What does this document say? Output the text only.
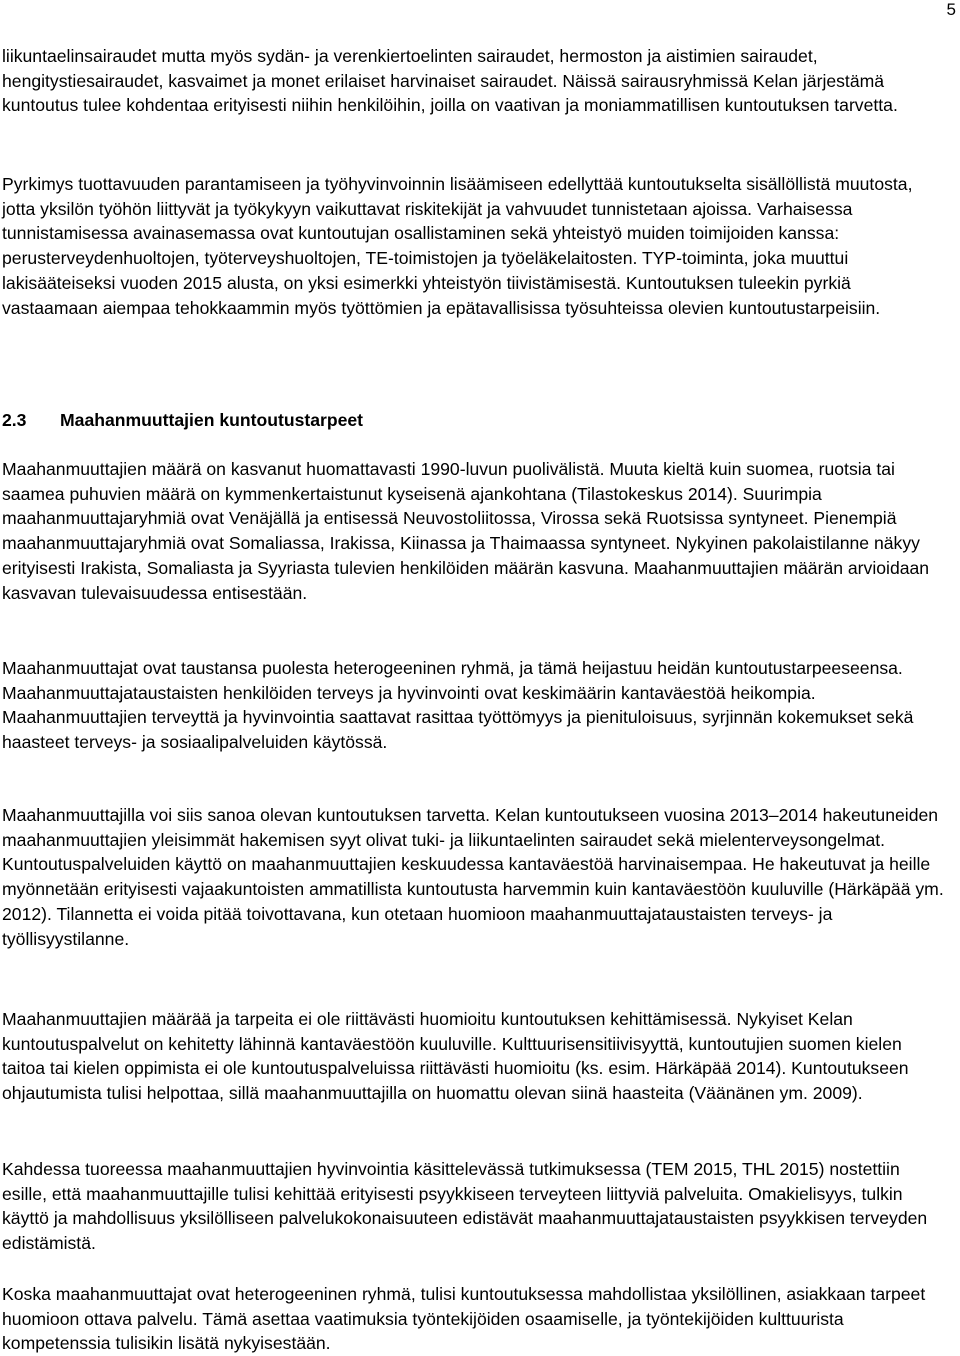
5

liikuntaelinsairaudet mutta myös sydän- ja verenkiertoelinten sairaudet, hermoston ja aistimien sairaudet, hengitystiesairaudet, kasvaimet ja monet erilaiset harvinaiset sairaudet. Näissä sairausryhmissä Kelan järjestämä kuntoutus tulee kohdentaa erityisesti niihin henkilöihin, joilla on vaativan ja moniammatillisen kuntoutuksen tarvetta.

Pyrkimys tuottavuuden parantamiseen ja työhyvinvoinnin lisäämiseen edellyttää kuntoutukselta sisällöllistä muutosta, jotta yksilön työhön liittyvät ja työkykyyn vaikuttavat riskitekijät ja vahvuudet tunnistetaan ajoissa. Varhaisessa tunnistamisessa avainasemassa ovat kuntoutujan osallistaminen sekä yhteistyö muiden toimijoiden kanssa: perusterveydenhuoltojen, työterveyshuoltojen, TE-toimistojen ja työeläkelaitosten. TYP-toiminta, joka muuttui lakisääteiseksi vuoden 2015 alusta, on yksi esimerkki yhteistyön tiivistämisestä. Kuntoutuksen tuleekin pyrkiä vastaamaan aiempaa tehokkaammin myös työttömien ja epätavallisissa työsuhteissa olevien kuntoutustarpeisiin.

2.3 Maahanmuuttajien kuntoutustarpeet

Maahanmuuttajien määrä on kasvanut huomattavasti 1990-luvun puolivälistä. Muuta kieltä kuin suomea, ruotsia tai saamea puhuvien määrä on kymmenkertaistunut kyseisenä ajankohtana (Tilastokeskus 2014). Suurimpia maahanmuuttajaryhmiä ovat Venäjällä ja entisessä Neuvostoliitossa, Virossa sekä Ruotsissa syntyneet. Pienempiä maahanmuuttajaryhmiä ovat Somaliassa, Irakissa, Kiinassa ja Thaimaassa syntyneet. Nykyinen pakolaistilanne näkyy erityisesti Irakista, Somaliasta ja Syyriasta tulevien henkilöiden määrän kasvuna. Maahanmuuttajien määrän arvioidaan kasvavan tulevaisuudessa entisestään.

Maahanmuuttajat ovat taustansa puolesta heterogeeninen ryhmä, ja tämä heijastuu heidän kuntoutustarpeeseensa. Maahanmuuttajataustaisten henkilöiden terveys ja hyvinvointi ovat keskimäärin kantaväestöä heikompia. Maahanmuuttajien terveyttä ja hyvinvointia saattavat rasittaa työttömyys ja pienituloisuus, syrjinnän kokemukset sekä haasteet terveys- ja sosiaalipalveluiden käytössä.

Maahanmuuttajilla voi siis sanoa olevan kuntoutuksen tarvetta. Kelan kuntoutukseen vuosina 2013–2014 hakeutuneiden maahanmuuttajien yleisimmät hakemisen syyt olivat tuki- ja liikuntaelinten sairaudet sekä mielenterveysongelmat. Kuntoutuspalveluiden käyttö on maahanmuuttajien keskuudessa kantaväestöä harvinaisempaa. He hakeutuvat ja heille myönnetään erityisesti vajaakuntoisten ammatillista kuntoutusta harvemmin kuin kantaväestöön kuuluville (Härkäpää ym. 2012). Tilannetta ei voida pitää toivottavana, kun otetaan huomioon maahanmuuttajataustaisten terveys- ja työllisyystilanne.

Maahanmuuttajien määrää ja tarpeita ei ole riittävästi huomioitu kuntoutuksen kehittämisessä. Nykyiset Kelan kuntoutuspalvelut on kehitetty lähinnä kantaväestöön kuuluville. Kulttuurisensitiivisyyttä, kuntoutujien suomen kielen taitoa tai kielen oppimista ei ole kuntoutuspalveluissa riittävästi huomioitu (ks. esim. Härkäpää 2014). Kuntoutukseen ohjautumista tulisi helpottaa, sillä maahanmuuttajilla on huomattu olevan siinä haasteita (Väänänen ym. 2009).

Kahdessa tuoreessa maahanmuuttajien hyvinvointia käsittelevässä tutkimuksessa (TEM 2015, THL 2015) nostettiin esille, että maahanmuuttajille tulisi kehittää erityisesti psyykkiseen terveyteen liittyviä palveluita. Omakielisyys, tulkin käyttö ja mahdollisuus yksilölliseen palvelukokonaisuuteen edistävät maahanmuuttajataustaisten psyykkisen terveyden edistämistä.

Koska maahanmuuttajat ovat heterogeeninen ryhmä, tulisi kuntoutuksessa mahdollistaa yksilöllinen, asiakkaan tarpeet huomioon ottava palvelu. Tämä asettaa vaatimuksia työntekijöiden osaamiselle, ja työntekijöiden kulttuurista kompetenssia tulisikin lisätä nykyisestään.
